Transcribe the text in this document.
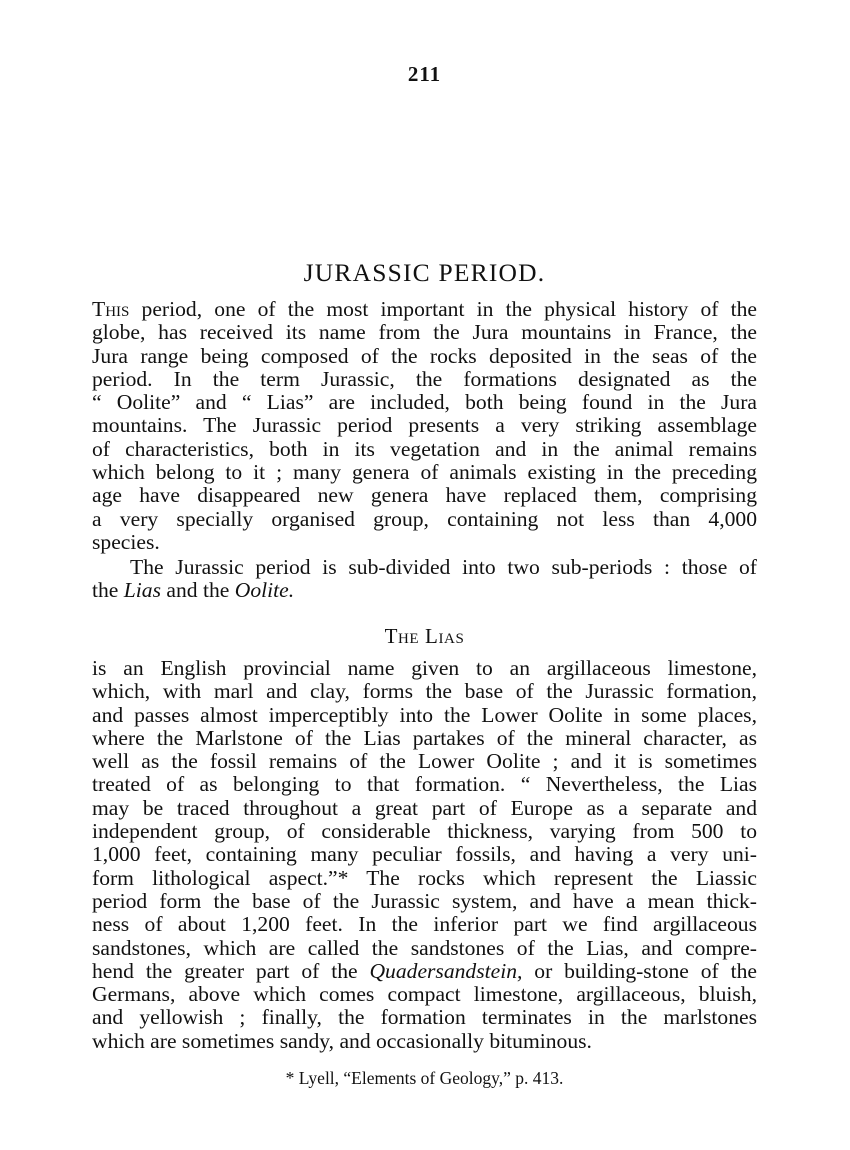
211
JURASSIC PERIOD.
This period, one of the most important in the physical history of the
globe, has received its name from the Jura mountains in France, the
Jura range being composed of the rocks deposited in the seas of the
period. In the term Jurassic, the formations designated as the
“ Oolite” and “ Lias” are included, both being found in the Jura
mountains. The Jurassic period presents a very striking assemblage
of characteristics, both in its vegetation and in the animal remains
which belong to it ; many genera of animals existing in the preceding
age have disappeared new genera have replaced them, comprising
a very specially organised group, containing not less than 4,000
species.
The Jurassic period is sub-divided into two sub-periods : those of
the Lias and the Oolite.
The Lias
is an English provincial name given to an argillaceous limestone,
which, with marl and clay, forms the base of the Jurassic formation,
and passes almost imperceptibly into the Lower Oolite in some places,
where the Marlstone of the Lias partakes of the mineral character, as
well as the fossil remains of the Lower Oolite ; and it is sometimes
treated of as belonging to that formation. “ Nevertheless, the Lias
may be traced throughout a great part of Europe as a separate and
independent group, of considerable thickness, varying from 500 to
1,000 feet, containing many peculiar fossils, and having a very uni-
form lithological aspect.”* The rocks which represent the Liassic
period form the base of the Jurassic system, and have a mean thick-
ness of about 1,200 feet. In the inferior part we find argillaceous
sandstones, which are called the sandstones of the Lias, and compre-
hend the greater part of the Quadersandstein, or building-stone of the
Germans, above which comes compact limestone, argillaceous, bluish,
and yellowish ; finally, the formation terminates in the marlstones
which are sometimes sandy, and occasionally bituminous.
* Lyell, “Elements of Geology,” p. 413.
